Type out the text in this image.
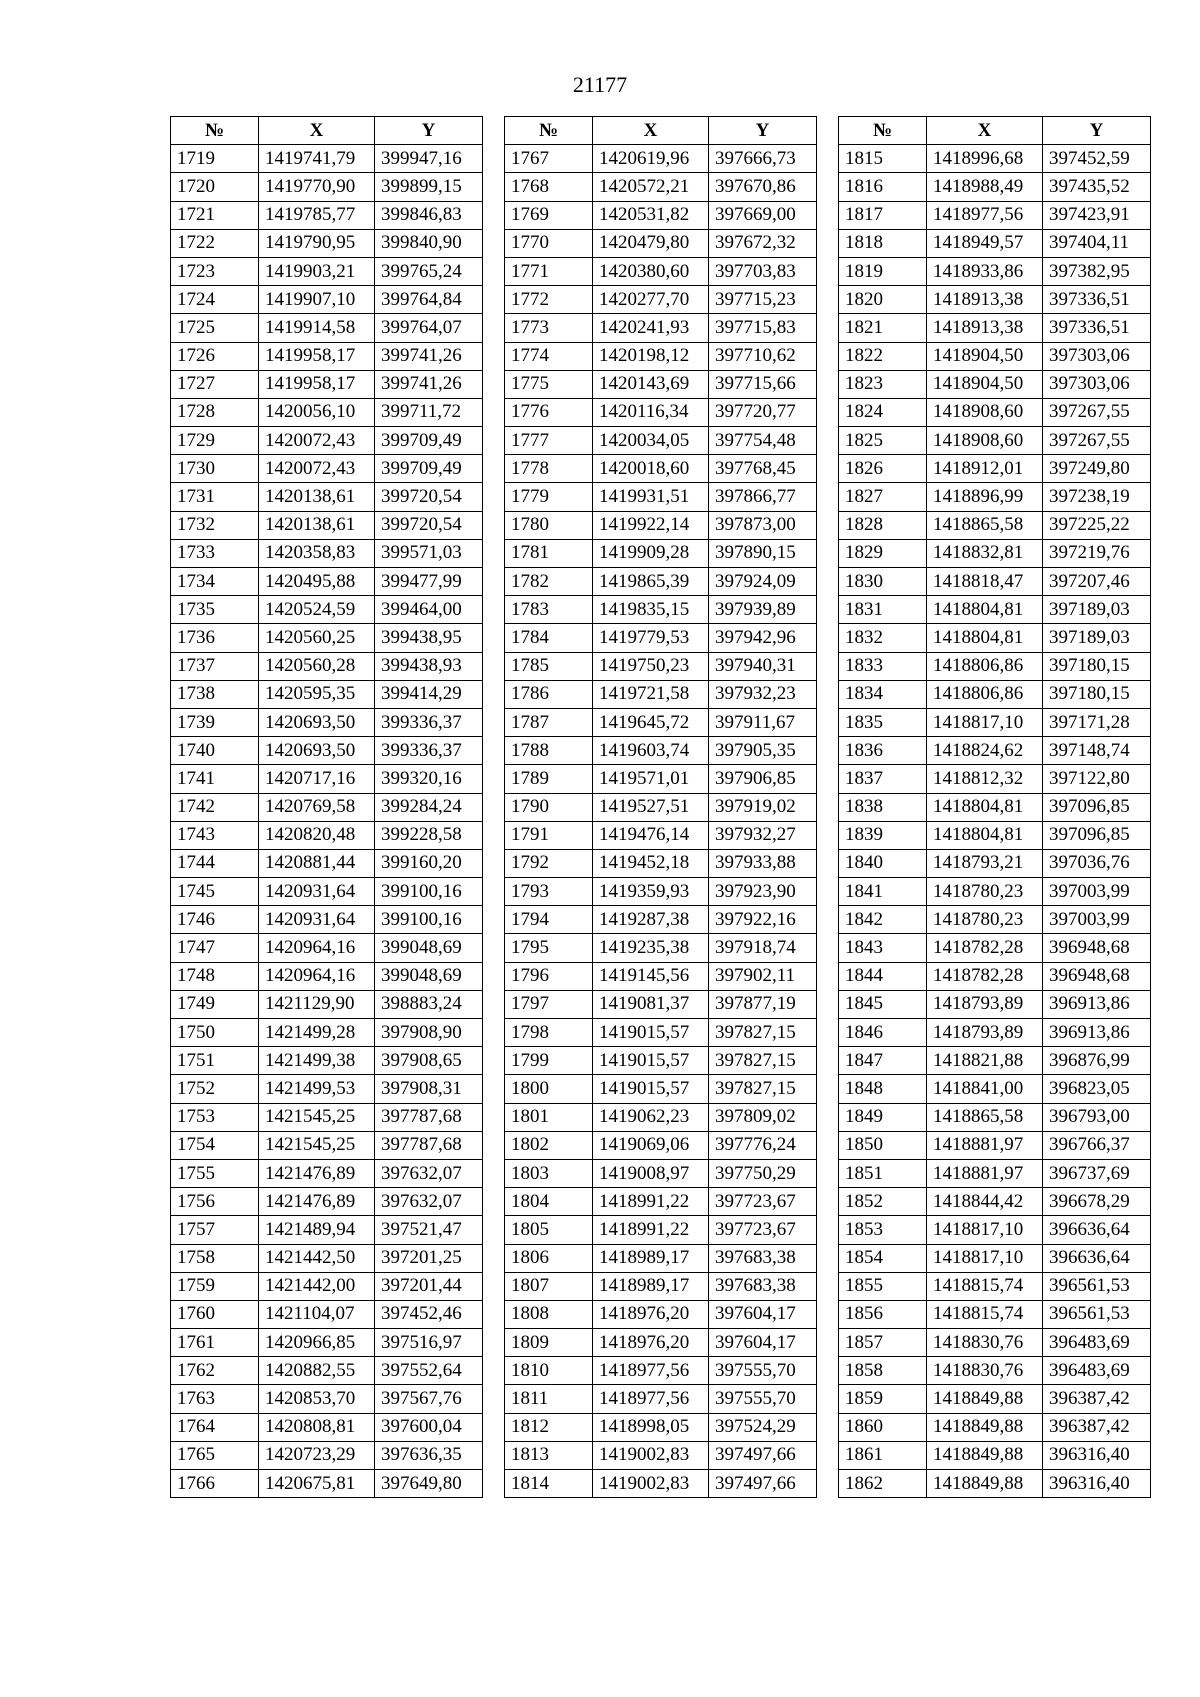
21177
№	X	Y
1719	1419741,79	399947,16
1720	1419770,90	399899,15
1721	1419785,77	399846,83
1722	1419790,95	399840,90
1723	1419903,21	399765,24
1724	1419907,10	399764,84
1725	1419914,58	399764,07
1726	1419958,17	399741,26
1727	1419958,17	399741,26
1728	1420056,10	399711,72
1729	1420072,43	399709,49
1730	1420072,43	399709,49
1731	1420138,61	399720,54
1732	1420138,61	399720,54
1733	1420358,83	399571,03
1734	1420495,88	399477,99
1735	1420524,59	399464,00
1736	1420560,25	399438,95
1737	1420560,28	399438,93
1738	1420595,35	399414,29
1739	1420693,50	399336,37
1740	1420693,50	399336,37
1741	1420717,16	399320,16
1742	1420769,58	399284,24
1743	1420820,48	399228,58
1744	1420881,44	399160,20
1745	1420931,64	399100,16
1746	1420931,64	399100,16
1747	1420964,16	399048,69
1748	1420964,16	399048,69
1749	1421129,90	398883,24
1750	1421499,28	397908,90
1751	1421499,38	397908,65
1752	1421499,53	397908,31
1753	1421545,25	397787,68
1754	1421545,25	397787,68
1755	1421476,89	397632,07
1756	1421476,89	397632,07
1757	1421489,94	397521,47
1758	1421442,50	397201,25
1759	1421442,00	397201,44
1760	1421104,07	397452,46
1761	1420966,85	397516,97
1762	1420882,55	397552,64
1763	1420853,70	397567,76
1764	1420808,81	397600,04
1765	1420723,29	397636,35
1766	1420675,81	397649,80
№	X	Y
1767	1420619,96	397666,73
1768	1420572,21	397670,86
1769	1420531,82	397669,00
1770	1420479,80	397672,32
1771	1420380,60	397703,83
1772	1420277,70	397715,23
1773	1420241,93	397715,83
1774	1420198,12	397710,62
1775	1420143,69	397715,66
1776	1420116,34	397720,77
1777	1420034,05	397754,48
1778	1420018,60	397768,45
1779	1419931,51	397866,77
1780	1419922,14	397873,00
1781	1419909,28	397890,15
1782	1419865,39	397924,09
1783	1419835,15	397939,89
1784	1419779,53	397942,96
1785	1419750,23	397940,31
1786	1419721,58	397932,23
1787	1419645,72	397911,67
1788	1419603,74	397905,35
1789	1419571,01	397906,85
1790	1419527,51	397919,02
1791	1419476,14	397932,27
1792	1419452,18	397933,88
1793	1419359,93	397923,90
1794	1419287,38	397922,16
1795	1419235,38	397918,74
1796	1419145,56	397902,11
1797	1419081,37	397877,19
1798	1419015,57	397827,15
1799	1419015,57	397827,15
1800	1419015,57	397827,15
1801	1419062,23	397809,02
1802	1419069,06	397776,24
1803	1419008,97	397750,29
1804	1418991,22	397723,67
1805	1418991,22	397723,67
1806	1418989,17	397683,38
1807	1418989,17	397683,38
1808	1418976,20	397604,17
1809	1418976,20	397604,17
1810	1418977,56	397555,70
1811	1418977,56	397555,70
1812	1418998,05	397524,29
1813	1419002,83	397497,66
1814	1419002,83	397497,66
№	X	Y
1815	1418996,68	397452,59
1816	1418988,49	397435,52
1817	1418977,56	397423,91
1818	1418949,57	397404,11
1819	1418933,86	397382,95
1820	1418913,38	397336,51
1821	1418913,38	397336,51
1822	1418904,50	397303,06
1823	1418904,50	397303,06
1824	1418908,60	397267,55
1825	1418908,60	397267,55
1826	1418912,01	397249,80
1827	1418896,99	397238,19
1828	1418865,58	397225,22
1829	1418832,81	397219,76
1830	1418818,47	397207,46
1831	1418804,81	397189,03
1832	1418804,81	397189,03
1833	1418806,86	397180,15
1834	1418806,86	397180,15
1835	1418817,10	397171,28
1836	1418824,62	397148,74
1837	1418812,32	397122,80
1838	1418804,81	397096,85
1839	1418804,81	397096,85
1840	1418793,21	397036,76
1841	1418780,23	397003,99
1842	1418780,23	397003,99
1843	1418782,28	396948,68
1844	1418782,28	396948,68
1845	1418793,89	396913,86
1846	1418793,89	396913,86
1847	1418821,88	396876,99
1848	1418841,00	396823,05
1849	1418865,58	396793,00
1850	1418881,97	396766,37
1851	1418881,97	396737,69
1852	1418844,42	396678,29
1853	1418817,10	396636,64
1854	1418817,10	396636,64
1855	1418815,74	396561,53
1856	1418815,74	396561,53
1857	1418830,76	396483,69
1858	1418830,76	396483,69
1859	1418849,88	396387,42
1860	1418849,88	396387,42
1861	1418849,88	396316,40
1862	1418849,88	396316,40
